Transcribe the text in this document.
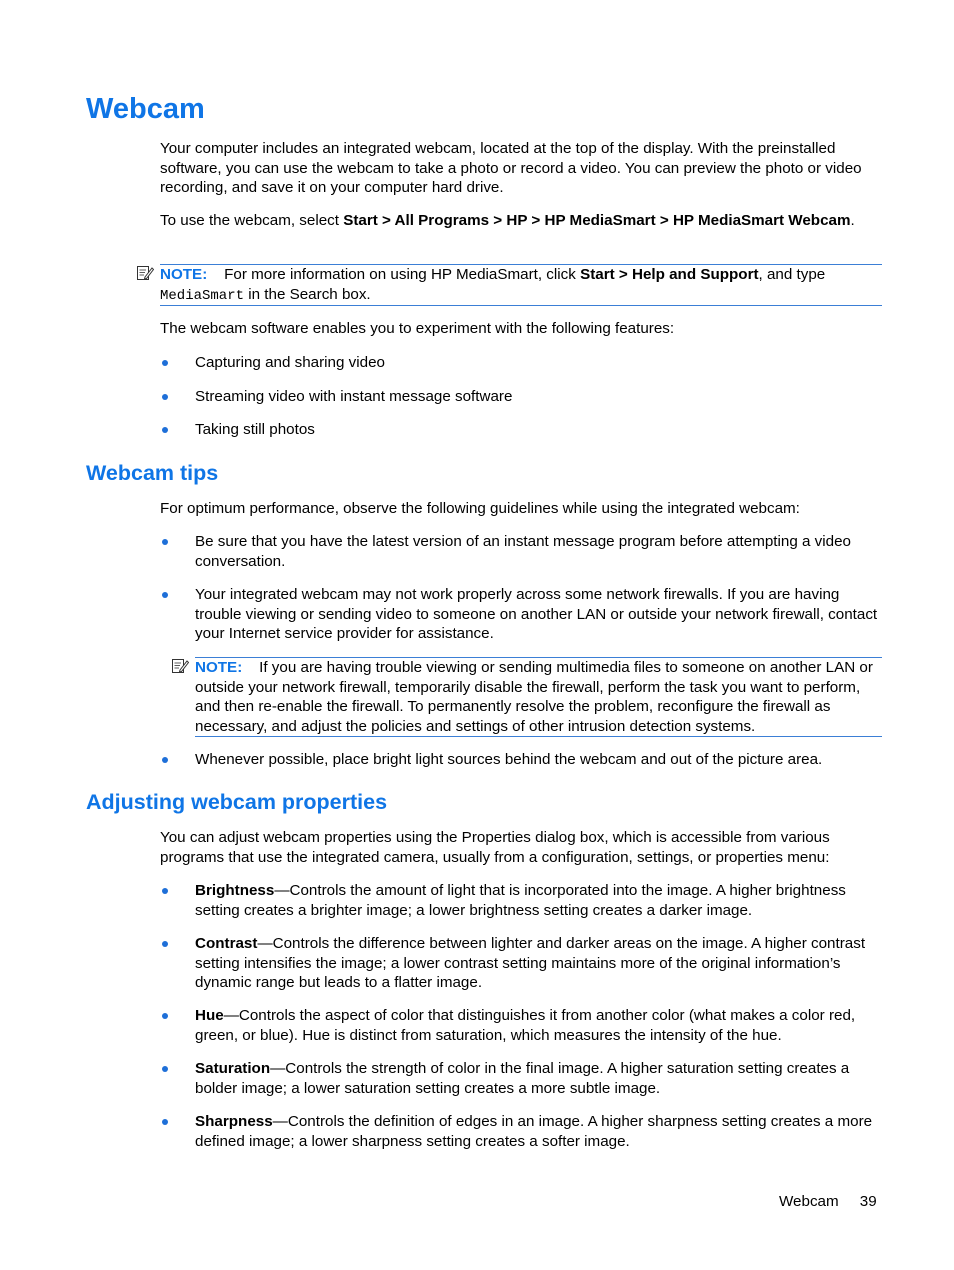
Webcam

Your computer includes an integrated webcam, located at the top of the display. With the preinstalled software, you can use the webcam to take a photo or record a video. You can preview the photo or video recording, and save it on your computer hard drive.

To use the webcam, select Start > All Programs > HP > HP MediaSmart > HP MediaSmart Webcam.

NOTE: For more information on using HP MediaSmart, click Start > Help and Support, and type
MediaSmart in the Search box.

The webcam software enables you to experiment with the following features:

Capturing and sharing video

Streaming video with instant message software

Taking still photos

Webcam tips

For optimum performance, observe the following guidelines while using the integrated webcam:

Be sure that you have the latest version of an instant message program before attempting a video conversation.

Your integrated webcam may not work properly across some network firewalls. If you are having trouble viewing or sending video to someone on another LAN or outside your network firewall, contact your Internet service provider for assistance.

NOTE: If you are having trouble viewing or sending multimedia files to someone on another LAN or outside your network firewall, temporarily disable the firewall, perform the task you want to perform, and then re-enable the firewall. To permanently resolve the problem, reconfigure the firewall as necessary, and adjust the policies and settings of other intrusion detection systems.

Whenever possible, place bright light sources behind the webcam and out of the picture area.

Adjusting webcam properties

You can adjust webcam properties using the Properties dialog box, which is accessible from various programs that use the integrated camera, usually from a configuration, settings, or properties menu:

Brightness—Controls the amount of light that is incorporated into the image. A higher brightness setting creates a brighter image; a lower brightness setting creates a darker image.

Contrast—Controls the difference between lighter and darker areas on the image. A higher contrast setting intensifies the image; a lower contrast setting maintains more of the original information’s dynamic range but leads to a flatter image.

Hue—Controls the aspect of color that distinguishes it from another color (what makes a color red, green, or blue). Hue is distinct from saturation, which measures the intensity of the hue.

Saturation—Controls the strength of color in the final image. A higher saturation setting creates a bolder image; a lower saturation setting creates a more subtle image.

Sharpness—Controls the definition of edges in an image. A higher sharpness setting creates a more defined image; a lower sharpness setting creates a softer image.

Webcam 39
